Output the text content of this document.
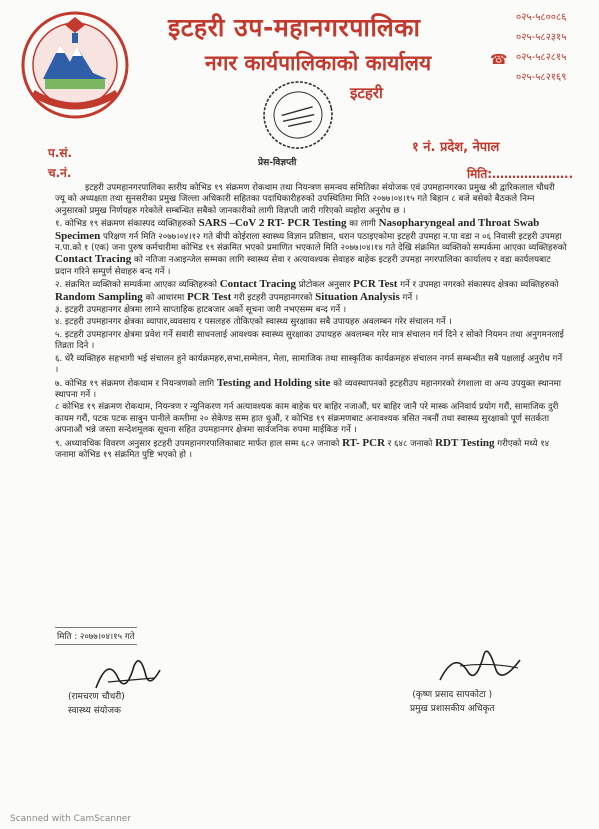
इटहरी उप-महानगरपालिका
नगर कार्यपालिकाको कार्यालय
इटहरी
☎
०२५-५८००८६
०२५-५८२३१५
०२५-५८२८१५
०२५-५८२१६९
१ नं. प्रदेश, नेपाल
प.सं.
च.नं.	मिति:………………..
प्रेस-विज्ञप्ती

इटहरी उपमहानगरपालिका स्तरीय कोभिड १९ संक्रमण रोकथाम तथा नियन्त्रण समन्वय समितिका संयोजक एवं उपमहानगरका प्रमुख श्री द्वारिकलाल चौधरी ज्यू को अध्यक्षता तथा सुनसरीका प्रमुख जिल्ला अधिकारी सहितका पदाधिकारीहरुको उपस्थितिमा मिति २०७७।०४।१५ गते बिहान ८ बजे बसेको बैठकले निम्न अनुसारको प्रमुख निर्णयहरु गरेकोले सम्बन्धित सबैको जानकारीको लागी विज्ञप्ती जारी गरिएको व्यहोरा अनुरोध छ ।

१. कोभिड १९ संक्रमण संकास्पद व्यक्तिहरुको SARS –CoV 2 RT- PCR Testing का लागी Nasopharyngeal and Throat Swab Specimen परिक्षण गर्न मिति २०७७।०४।१२ गते बीपी कोईराला स्वास्थ्य विज्ञान प्रतिष्ठान, धरान पठाइएकोमा इटहरी उपमहा न.पा वडा न ०६ निवासी इटहरी उपमहा न.पा.को १ (एक) जना पुरुष कर्मचारीमा कोभिड १९ संक्रमित भएको प्रमाणित भएकाले मिति २०७७।०४।१४ गते देखि संक्रमित व्यक्तिको सम्पर्कमा आएका व्यक्तिहरुको Contact Tracing को नतिजा नआइन्जेल सम्मका लागि स्वास्थ्य सेवा र अत्यावश्यक सेवाहरु बाहेक इटहरी उपमहा नगरपालिका कार्यालय र वडा कार्यलयबाट प्रदान गरिने सम्पुर्ण सेवाहरु बन्द गर्ने ।

२. संक्रमित व्यक्तिको सम्पर्कमा आएका व्यक्तिहरुको Contact Tracing प्रोटोकल अनुसार PCR Test गर्ने र उपमहा नगरको संकास्पद क्षेत्रका व्यक्तिहरुको Random Sampling को आधारमा PCR Test गरी इटहरी उपमहानगरको Situation Analysis गर्ने ।

३. इटहरी उपमहानगर क्षेत्रमा लाग्ने साप्ताहिक हाटबजार अर्को सूचना जारी नभएसम्म बन्द गर्ने ।

४. इटहरी उपमहानगर क्षेत्रका व्यापार,व्यवसाय र पसलहरु तोकिएको स्वास्थ्य सुरक्षाका सबै उपायहरु अवलम्बन गरेर संचालन गर्ने ।

५. इटहरी उपमहानगर क्षेत्रमा प्रवेश गर्ने सवारी साधनलाई आवश्यक स्वास्थ्य सुरक्षाका उपायहरु अवलम्बन गरेर मात्र संचालन गर्न दिने र सोको नियमन तथा अनुगमनलाई तिव्रता दिने ।

६. धेरै व्यक्तिहरु सहभागी भई संचालन हुने कार्यक्रमहरु,सभा,सम्मेलन, मेला, सामाजिक तथा सास्कृतिक कार्यक्रमहरु संचालन नगर्न सम्बन्धीत सबै पक्षलाई अनुरोध गर्ने ।

७. कोभिड १९ संक्रमण रोकथाम र नियन्त्रणको लागि Testing and Holding site को व्यवस्थापनको इटहरीउप महानगरको रंगशाला वा अन्य उपयुक्त स्थानमा स्थापना गर्ने ।

८ कोभिड १९ संक्रमण रोकथाम, नियन्त्रण र न्युनिकरण गर्न अत्यावश्यक काम बाहेक घर बाहिर नजाऔं, घर बाहिर जानै परे मास्क अनिवार्य प्रयोग गरौं, सामाजिक दुरी कायम गरौं, पटक पटक साबुन पानीले कम्तीमा २० सेकेण्ड सम्म हात धुऔं, र कोभिड १९ संक्रमणबाट अनावश्यक त्रसित नबनौं तथा स्वास्थ्य सुरक्षाको पूर्ण सतर्कता अपनाऔं भन्ने जस्ता सन्देशमूलक सूचना सहित उपमहानगर क्षेत्रमा सार्वजनिक रुपमा माईकिङ गर्ने ।

९. अध्यावधिक विवरण अनुसार इटहरी उपमहानगरपालिकाबाट मार्फत हाल सम्म ६८२ जनाको RT- PCR र ६४८ जनाको RDT Testing गरीएको मध्ये १४ जनामा कोभिड १९ संक्रमित पुष्टि भएको हो ।

मिति : २०७७।०४।१५ गते
(रामचरण चौधरी)
स्वास्थ्य संयोजक
(कृष्ण प्रसाद सापकोटा )
प्रमुख प्रशासकीय अधिकृत
Scanned with CamScanner
